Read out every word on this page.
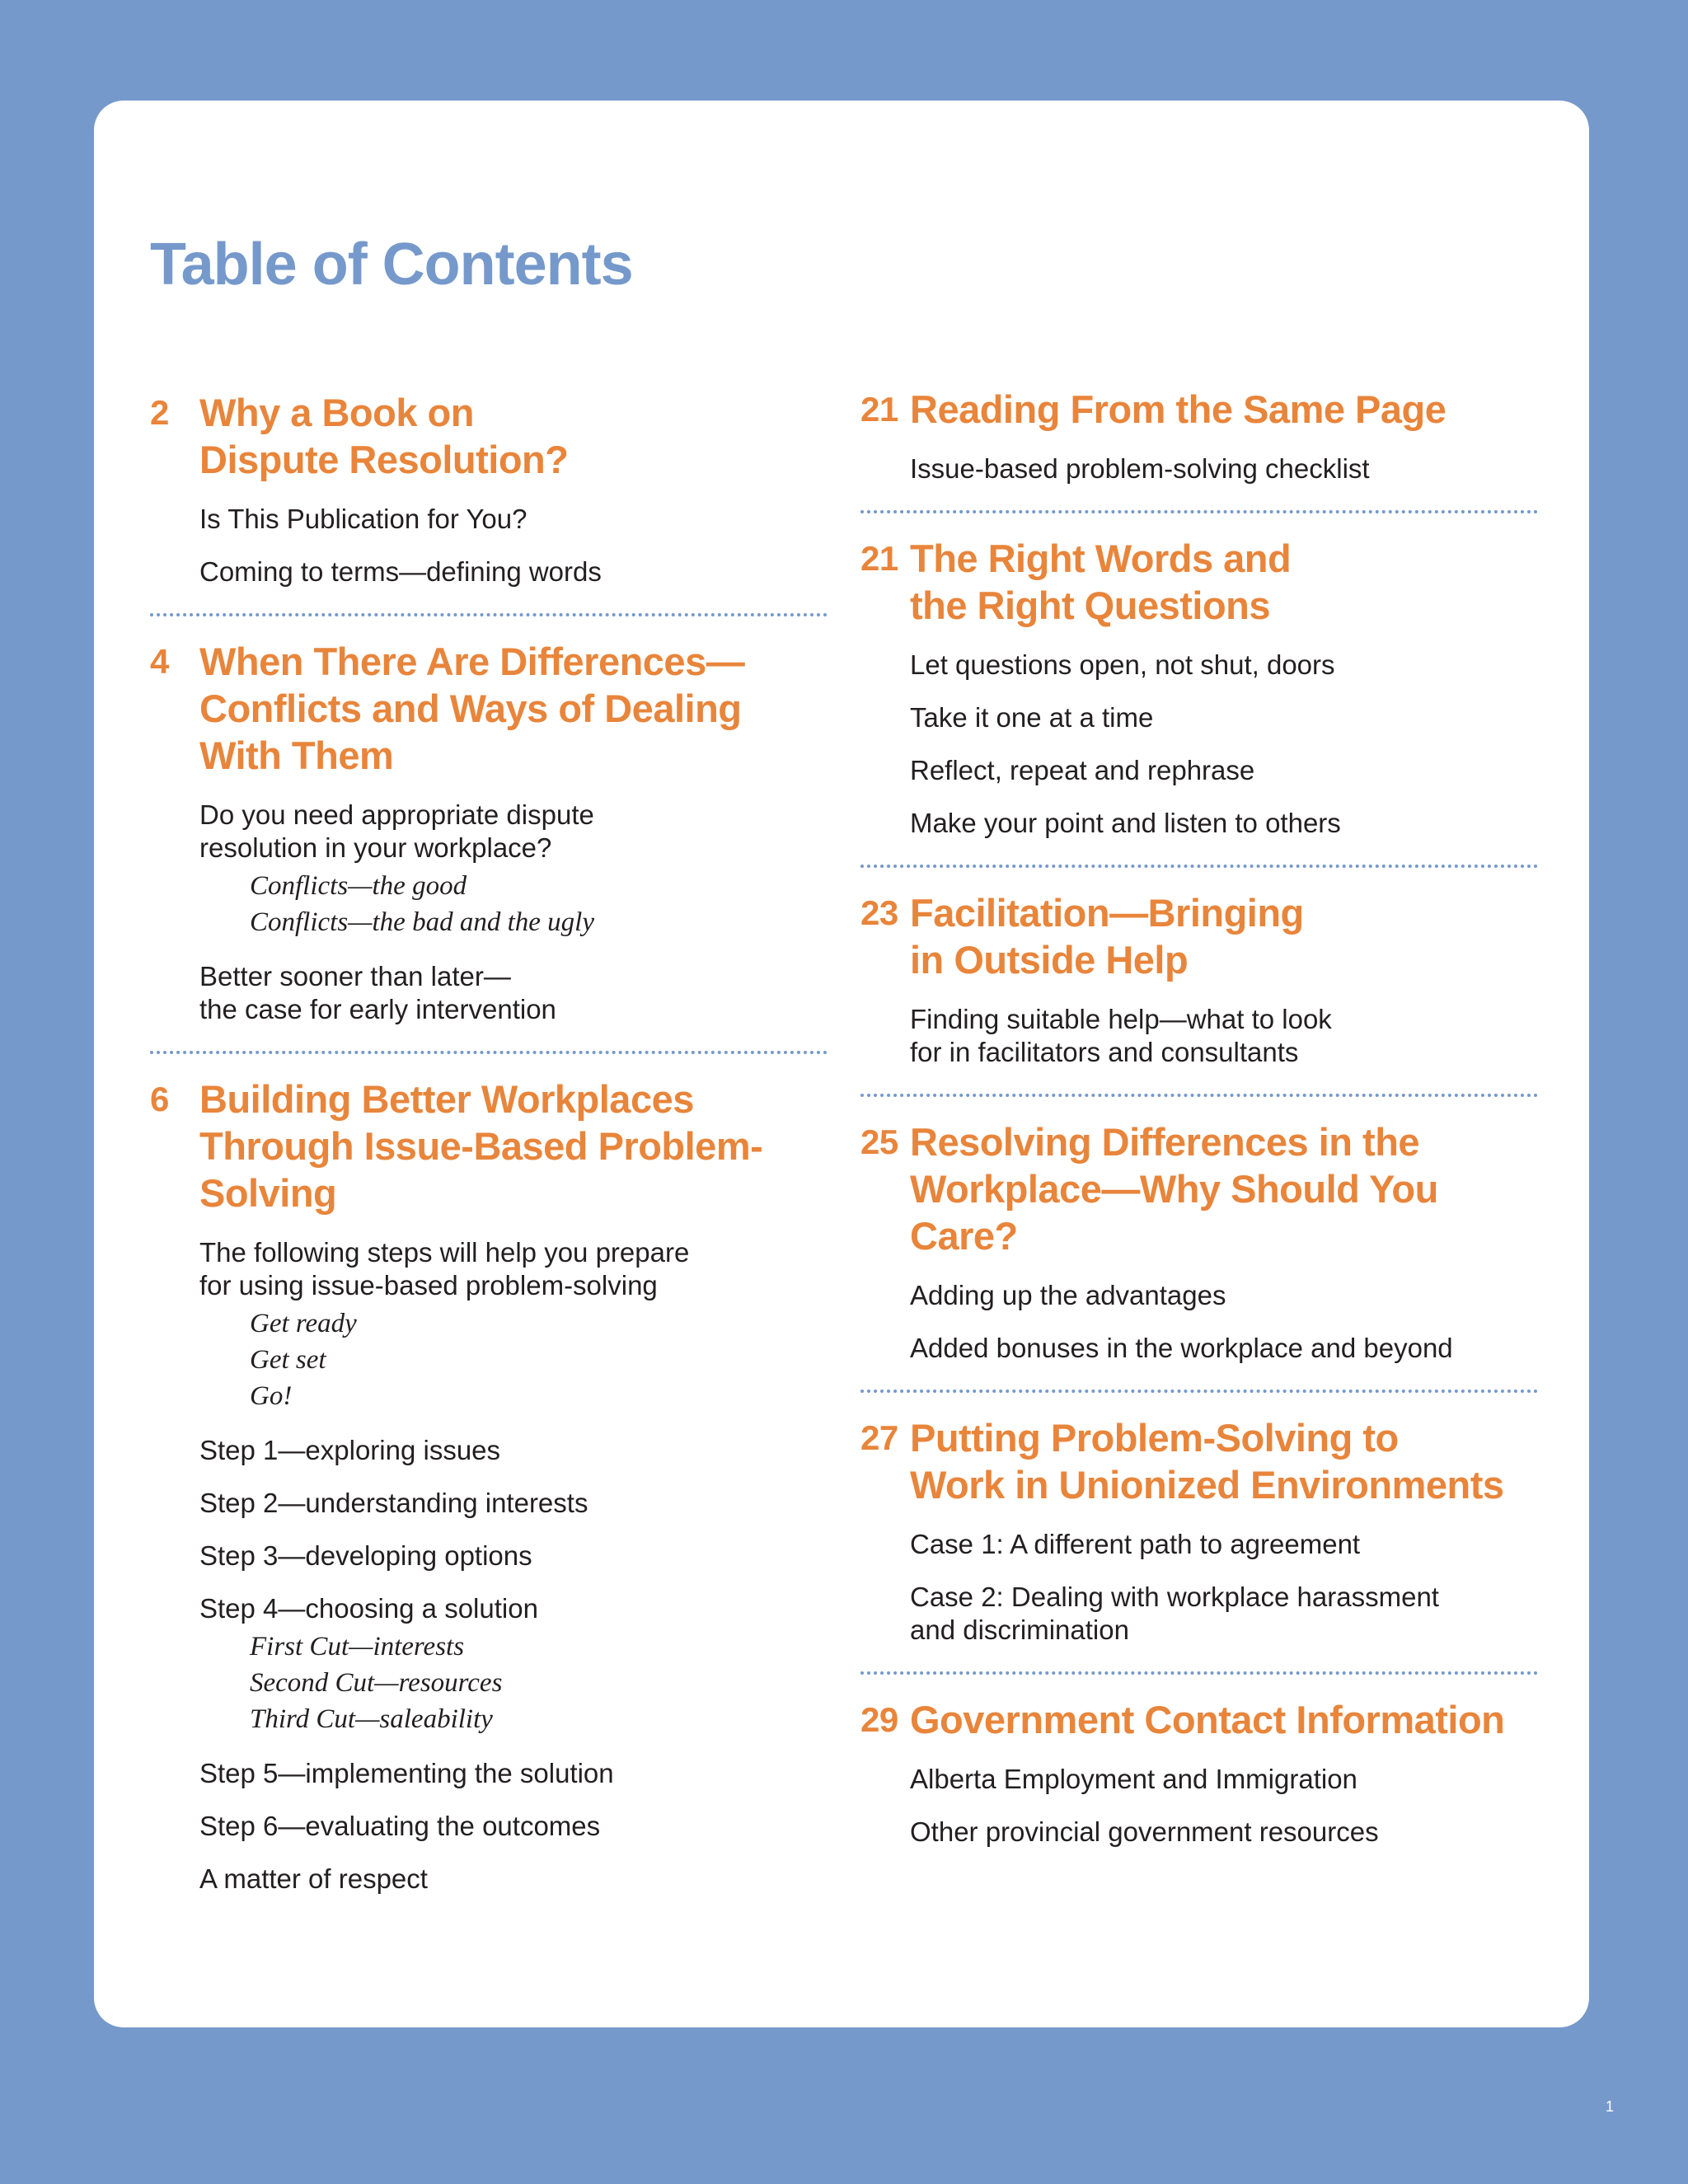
Table of Contents
2 Why a Book on
Dispute Resolution?
Is This Publication for You?
Coming to terms—defining words
4 When There Are Differences—
Conflicts and Ways of Dealing
With Them
Do you need appropriate dispute
resolution in your workplace?
Conflicts—the good
Conflicts—the bad and the ugly
Better sooner than later—
the case for early intervention
6 Building Better Workplaces
Through Issue-Based Problem-
Solving
The following steps will help you prepare
for using issue-based problem-solving
Get ready
Get set
Go!
Step 1—exploring issues
Step 2—understanding interests
Step 3—developing options
Step 4—choosing a solution
First Cut—interests
Second Cut—resources
Third Cut—saleability
Step 5—implementing the solution
Step 6—evaluating the outcomes
A matter of respect
21 Reading From the Same Page
Issue-based problem-solving checklist
21 The Right Words and
the Right Questions
Let questions open, not shut, doors
Take it one at a time
Reflect, repeat and rephrase
Make your point and listen to others
23 Facilitation—Bringing
in Outside Help
Finding suitable help—what to look
for in facilitators and consultants
25 Resolving Differences in the
Workplace—Why Should You Care?
Adding up the advantages
Added bonuses in the workplace and beyond
27 Putting Problem-Solving to
Work in Unionized Environments
Case 1: A different path to agreement
Case 2: Dealing with workplace harassment
and discrimination
29 Government Contact Information
Alberta Employment and Immigration
Other provincial government resources
1
